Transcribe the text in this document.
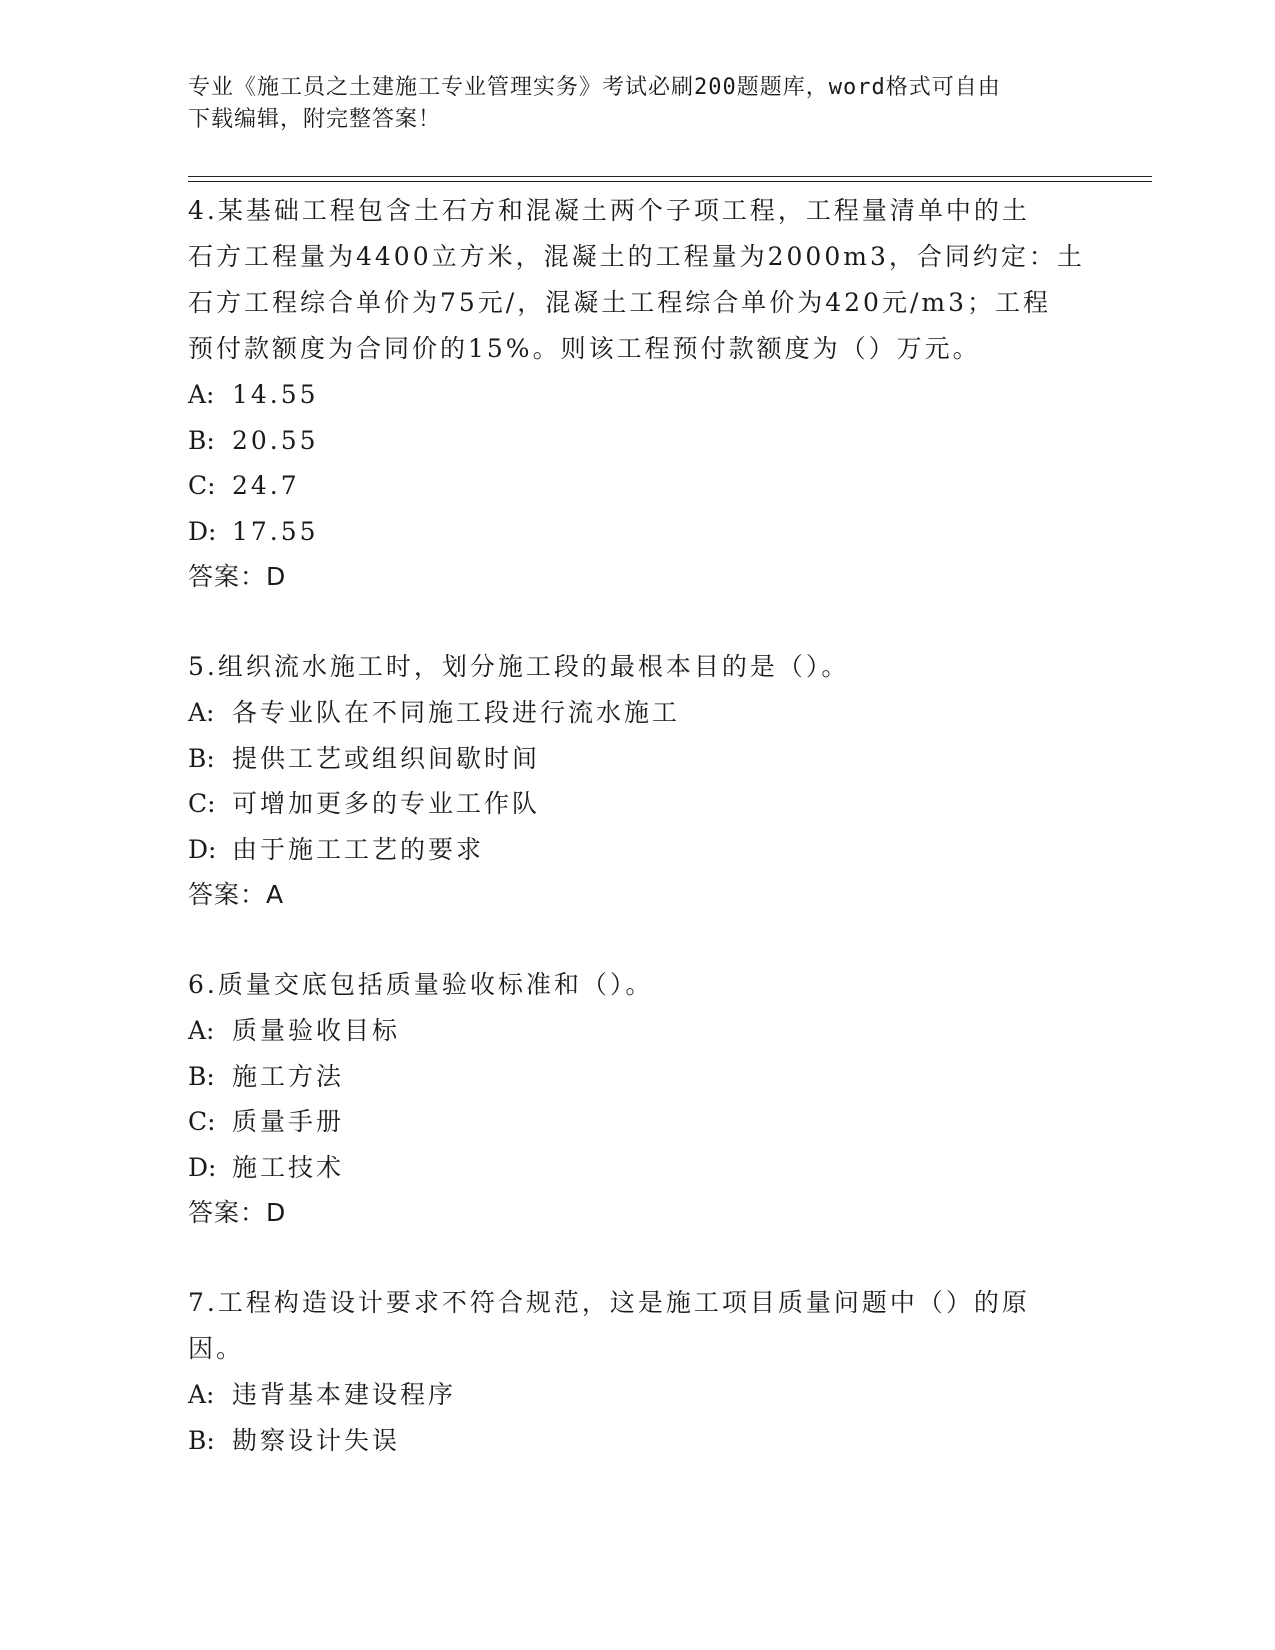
专业《施工员之土建施工专业管理实务》考试必刷200题题库，word格式可自由
下载编辑，附完整答案！

4.某基础工程包含土石方和混凝土两个子项工程，工程量清单中的土
石方工程量为4400立方米，混凝土的工程量为2000m3，合同约定：土
石方工程综合单价为75元/，混凝土工程综合单价为420元/m3；工程
预付款额度为合同价的15%。则该工程预付款额度为（）万元。

A: 14.55

B: 20.55

C: 24.7

D: 17.55

答案：D

5.组织流水施工时，划分施工段的最根本目的是（）。

A: 各专业队在不同施工段进行流水施工

B: 提供工艺或组织间歇时间

C: 可增加更多的专业工作队

D: 由于施工工艺的要求

答案：A

6.质量交底包括质量验收标准和（）。

A: 质量验收目标

B: 施工方法

C: 质量手册

D: 施工技术

答案：D

7.工程构造设计要求不符合规范，这是施工项目质量问题中（）的原
因。

A: 违背基本建设程序

B: 勘察设计失误
